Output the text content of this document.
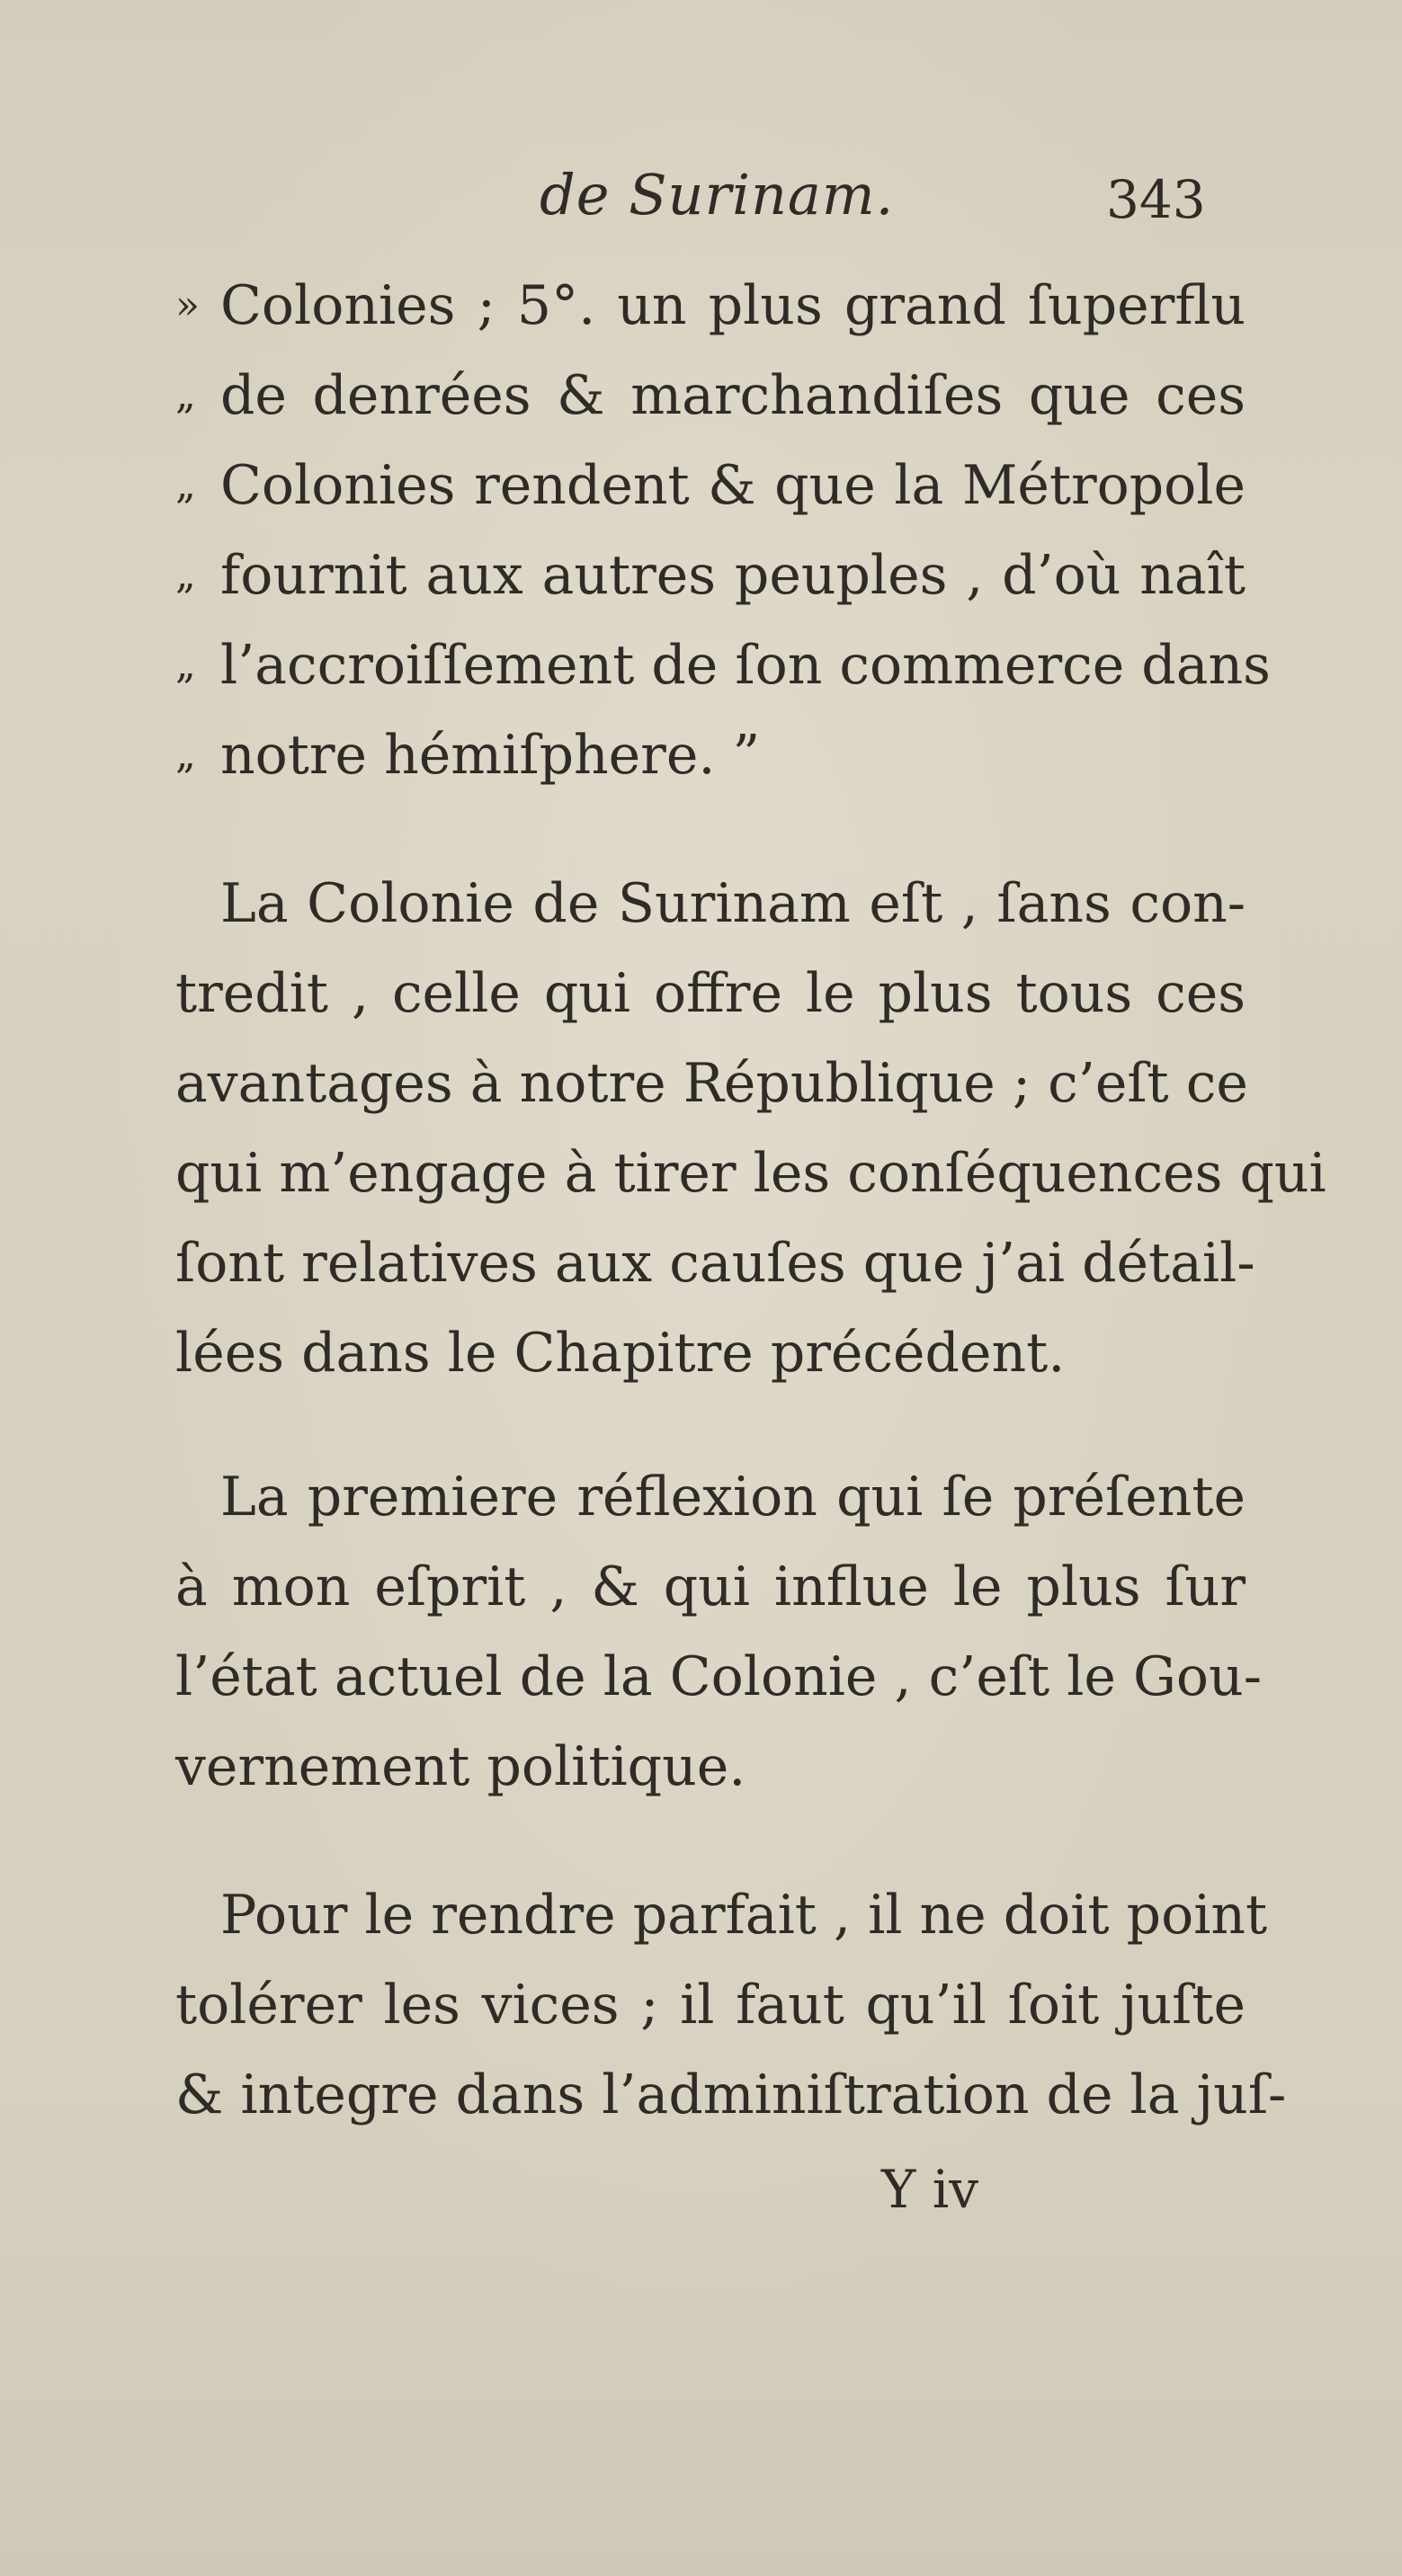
de Surinam.	343
» Colonies ; 5°. un plus grand ſuperflu
„ de denrées & marchandiſes que ces
„ Colonies rendent & que la Métropole
„ fournit aux autres peuples , d’où naît
„ l’accroiſſement de ſon commerce dans
„ notre hémiſphere. ”
La Colonie de Surinam eſt , ſans con-
tredit , celle qui offre le plus tous ces
avantages à notre République ; c’eſt ce
qui m’engage à tirer les conſéquences qui
ſont relatives aux cauſes que j’ai détail-
lées dans le Chapitre précédent.
La premiere réflexion qui ſe préſente
à mon eſprit , & qui influe le plus ſur
l’état actuel de la Colonie , c’eſt le Gou-
vernement politique.
Pour le rendre parfait , il ne doit point
tolérer les vices ; il faut qu’il ſoit juſte
& integre dans l’adminiſtration de la juſ-
Y iv
